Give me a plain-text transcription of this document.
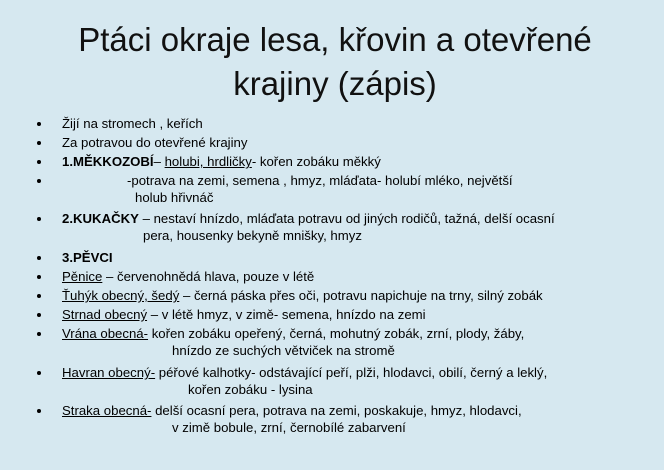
Ptáci okraje lesa, křovin a otevřené
krajiny (zápis)
Žijí na stromech , keřích
Za potravou do otevřené krajiny
1.MĚKKOZOBÍ– holubi, hrdličky- kořen zobáku měkký
-potrava na zemi, semena , hmyz, mláďata- holubí mléko, největší
holub hřivnáč
2.KUKAČKY – nestaví hnízdo, mláďata potravu od jiných rodičů, tažná, delší ocasní
pera, housenky bekyně mnišky, hmyz
3.PĚVCI
Pěnice – červenohnědá hlava, pouze v létě
Ťuhýk obecný, šedý – černá páska přes oči, potravu napichuje na trny, silný zobák
Strnad obecný – v létě hmyz, v zimě- semena, hnízdo na zemi
Vrána obecná- kořen zobáku opeřený, černá, mohutný zobák, zrní, plody, žáby,
hnízdo ze suchých větviček na stromě
Havran obecný- péřové kalhotky- odstávající peří, plži, hlodavci, obilí, černý a leklý,
kořen zobáku - lysina
Straka obecná- delší ocasní pera, potrava na zemi, poskakuje, hmyz, hlodavci,
v zimě bobule, zrní, černobílé zabarvení
